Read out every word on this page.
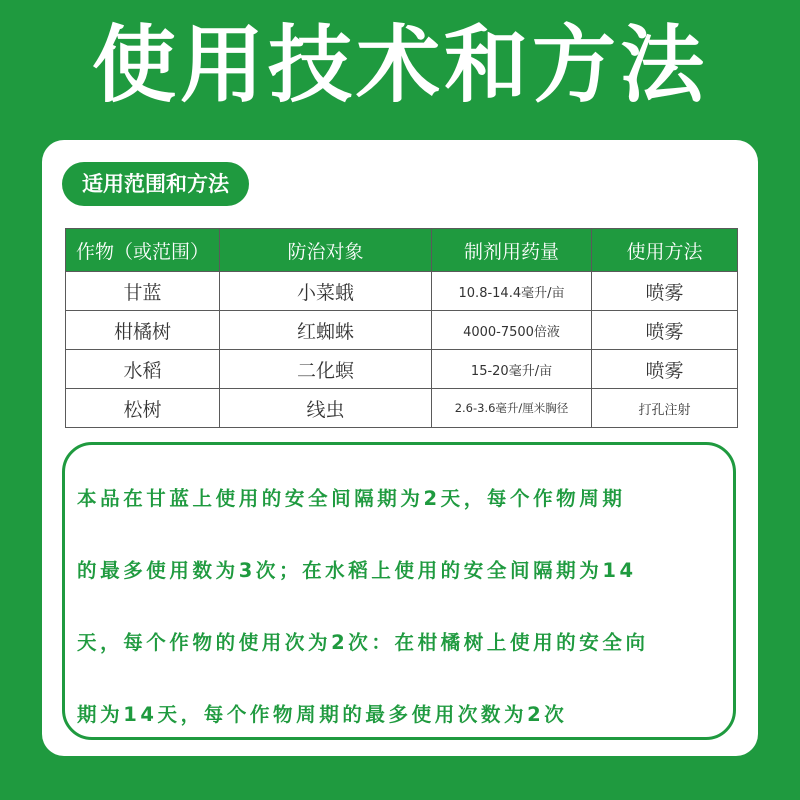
使用技术和方法
适用范围和方法
作物（或范围）	防治对象	制剂用药量	使用方法
甘蓝	小菜蛾	10.8-14.4毫升/亩	喷雾
柑橘树	红蜘蛛	4000-7500倍液	喷雾
水稻	二化螟	15-20毫升/亩	喷雾
松树	线虫	2.6-3.6毫升/厘米胸径	打孔注射
本品在甘蓝上使用的安全间隔期为2天，每个作物周期
的最多使用数为3次；在水稻上使用的安全间隔期为14
天，每个作物的使用次为2次：在柑橘树上使用的安全向
期为14天，每个作物周期的最多使用次数为2次
